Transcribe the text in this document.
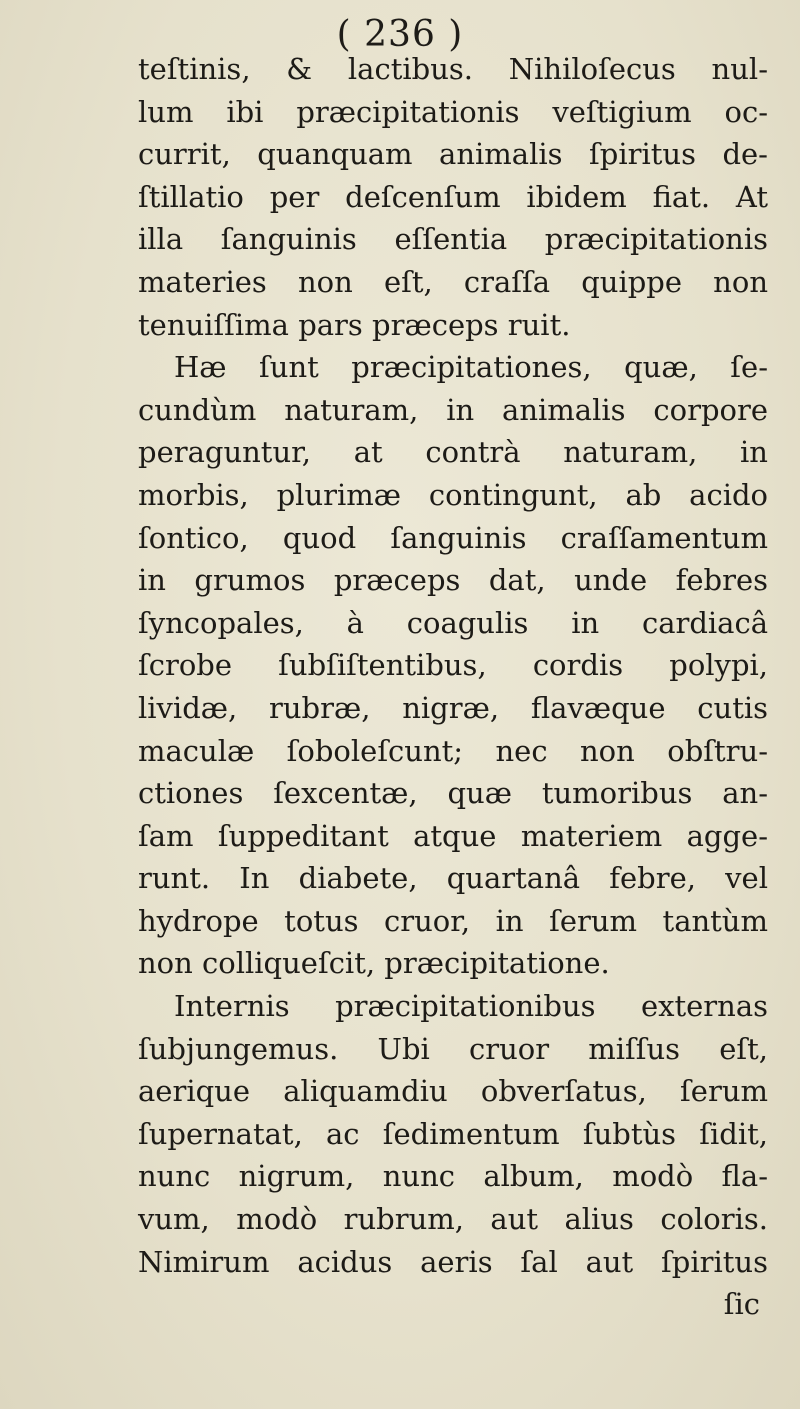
( 236 )
teſtinis, & lactibus. Nihiloſecus nul-
lum ibi præcipitationis veſtigium oc-
currit, quanquam animalis ſpiritus de-
ſtillatio per deſcenſum ibidem fiat. At
illa ſanguinis eſſentia præcipitationis
materies non eſt, craſſa quippe non
tenuiſſima pars præceps ruit.
Hæ ſunt præcipitationes, quæ, ſe-
cundùm naturam, in animalis corpore
peraguntur, at contrà naturam, in
morbis, plurimæ contingunt, ab acido
ſontico, quod ſanguinis craſſamentum
in grumos præceps dat, unde febres
ſyncopales, à coagulis in cardiacâ
ſcrobe ſubſiſtentibus, cordis polypi,
lividæ, rubræ, nigræ, flavæque cutis
maculæ ſoboleſcunt; nec non obſtru-
ctiones ſexcentæ, quæ tumoribus an-
ſam ſuppeditant atque materiem agge-
runt. In diabete, quartanâ febre, vel
hydrope totus cruor, in ſerum tantùm
non colliqueſcit, præcipitatione.
Internis præcipitationibus externas
ſubjungemus. Ubi cruor miſſus eſt,
aerique aliquamdiu obverſatus, ſerum
ſupernatat, ac ſedimentum ſubtùs ſidit,
nunc nigrum, nunc album, modò fla-
vum, modò rubrum, aut alius coloris.
Nimirum acidus aeris ſal aut ſpiritus
ſic
